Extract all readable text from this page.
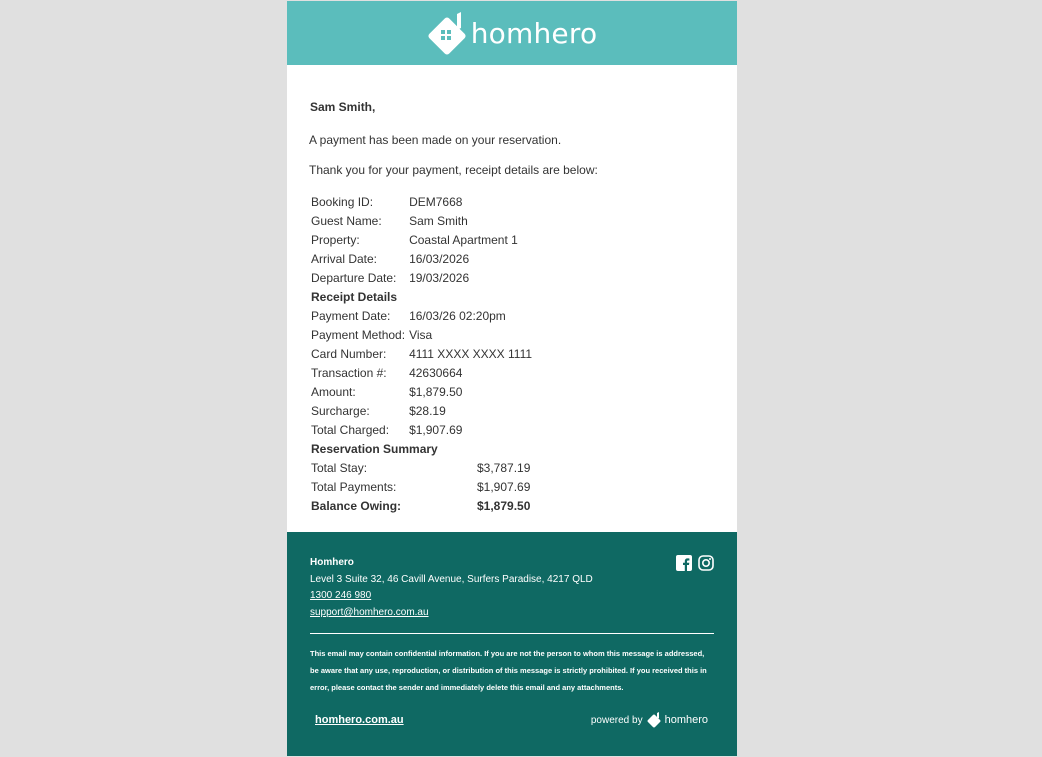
homhero

Sam Smith,

A payment has been made on your reservation.

Thank you for your payment, receipt details are below:

Booking ID:	DEM7668
Guest Name:	Sam Smith
Property:	Coastal Apartment 1
Arrival Date:	16/03/2026
Departure Date:	19/03/2026
Receipt Details	
Payment Date:	16/03/26 02:20pm
Payment Method:	Visa
Card Number:	4111 XXXX XXXX 1111
Transaction #:	42630664
Amount:	$1,879.50
Surcharge:	$28.19
Total Charged:	$1,907.69
Reservation Summary	
Total Stay:	$3,787.19
Total Payments:	$1,907.69
Balance Owing:	$1,879.50
Homhero
Level 3 Suite 32, 46 Cavill Avenue, Surfers Paradise, 4217 QLD
1300 246 980
support@homhero.com.au
This email may contain confidential information. If you are not the person to whom this message is addressed, be aware that any use, reproduction, or distribution of this message is strictly prohibited. If you received this in error, please contact the sender and immediately delete this email and any attachments.
homhero.com.au	powered by homhero
